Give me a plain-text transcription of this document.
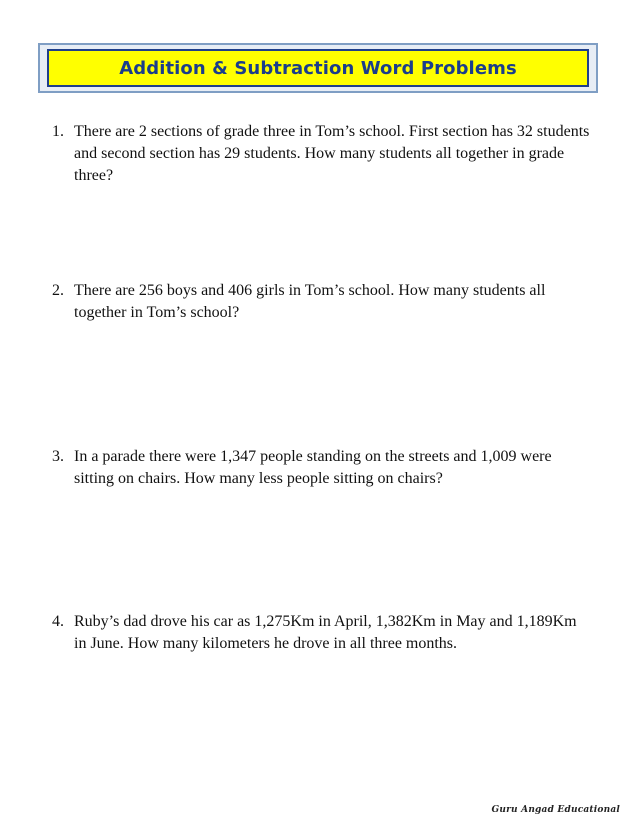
Addition & Subtraction Word Problems
1. There are 2 sections of grade three in Tom’s school. First section has 32 students and second section has 29 students. How many students all together in grade three?
2. There are 256 boys and 406 girls in Tom’s school. How many students all together in Tom’s school?
3. In a parade there were 1,347 people standing on the streets and 1,009 were sitting on chairs. How many less people sitting on chairs?
4. Ruby’s dad drove his car as 1,275Km in April, 1,382Km in May and 1,189Km in June. How many kilometers he drove in all three months.
Guru Angad Educational
